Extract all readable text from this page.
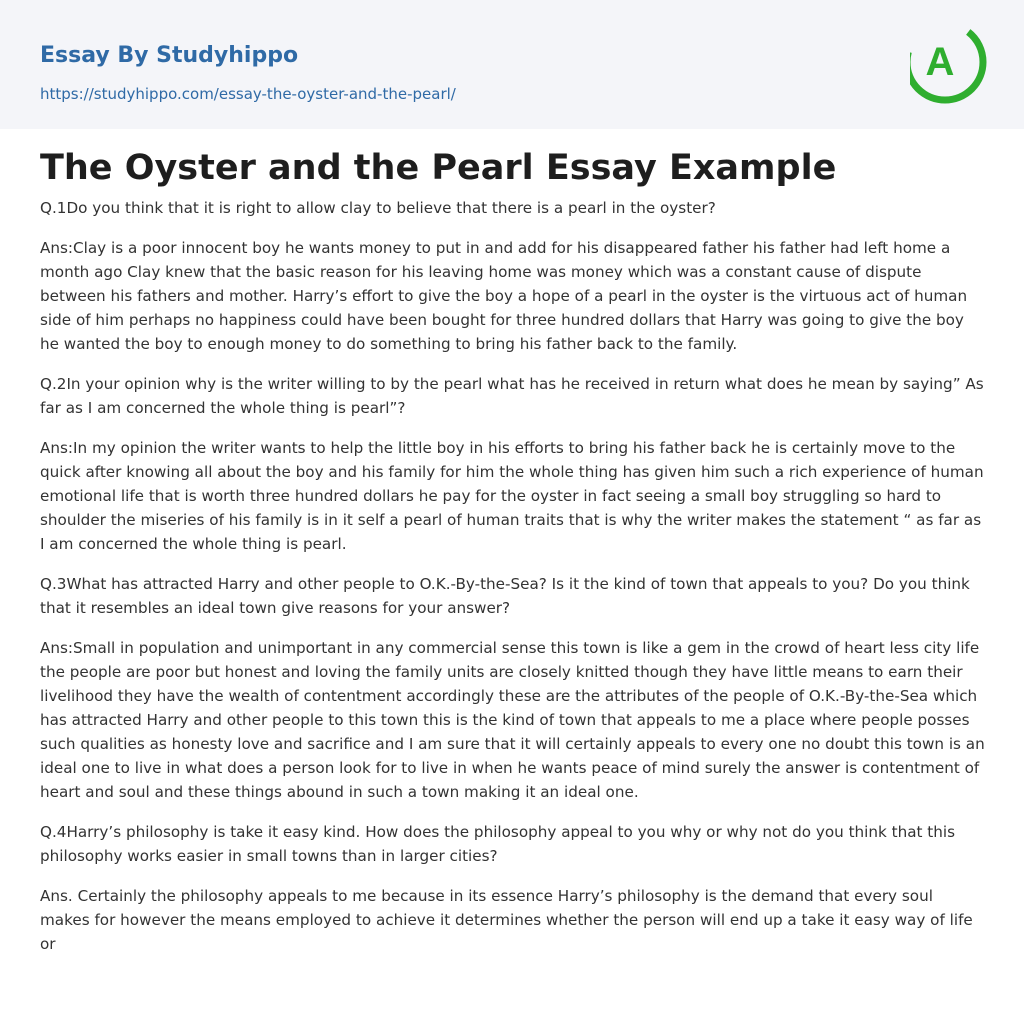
Essay By Studyhippo
https://studyhippo.com/essay-the-oyster-and-the-pearl/
A
The Oyster and the Pearl Essay Example

Q.1Do you think that it is right to allow clay to believe that there is a pearl in the oyster?

Ans:Clay is a poor innocent boy he wants money to put in and add for his disappeared father his father had left home a month ago Clay knew that the basic reason for his leaving home was money which was a constant cause of dispute between his fathers and mother. Harry’s effort to give the boy a hope of a pearl in the oyster is the virtuous act of human side of him perhaps no happiness could have been bought for three hundred dollars that Harry was going to give the boy he wanted the boy to enough money to do something to bring his father back to the family.

Q.2In your opinion why is the writer willing to by the pearl what has he received in return what does he mean by saying” As far as I am concerned the whole thing is pearl”?

Ans:In my opinion the writer wants to help the little boy in his efforts to bring his father back he is certainly move to the quick after knowing all about the boy and his family for him the whole thing has given him such a rich experience of human emotional life that is worth three hundred dollars he pay for the oyster in fact seeing a small boy struggling so hard to shoulder the miseries of his family is in it self a pearl of human traits that is why the writer makes the statement “ as far as I am concerned the whole thing is pearl.

Q.3What has attracted Harry and other people to O.K.-By-the-Sea? Is it the kind of town that appeals to you? Do you think that it resembles an ideal town give reasons for your answer?

Ans:Small in population and unimportant in any commercial sense this town is like a gem in the crowd of heart less city life the people are poor but honest and loving the family units are closely knitted though they have little means to earn their livelihood they have the wealth of contentment accordingly these are the attributes of the people of O.K.-By-the-Sea which has attracted Harry and other people to this town this is the kind of town that appeals to me a place where people posses such qualities as honesty love and sacrifice and I am sure that it will certainly appeals to every one no doubt this town is an ideal one to live in what does a person look for to live in when he wants peace of mind surely the answer is contentment of heart and soul and these things abound in such a town making it an ideal one.

Q.4Harry’s philosophy is take it easy kind. How does the philosophy appeal to you why or why not do you think that this philosophy works easier in small towns than in larger cities?

Ans. Certainly the philosophy appeals to me because in its essence Harry’s philosophy is the demand that every soul makes for however the means employed to achieve it determines whether the person will end up a take it easy way of life or
